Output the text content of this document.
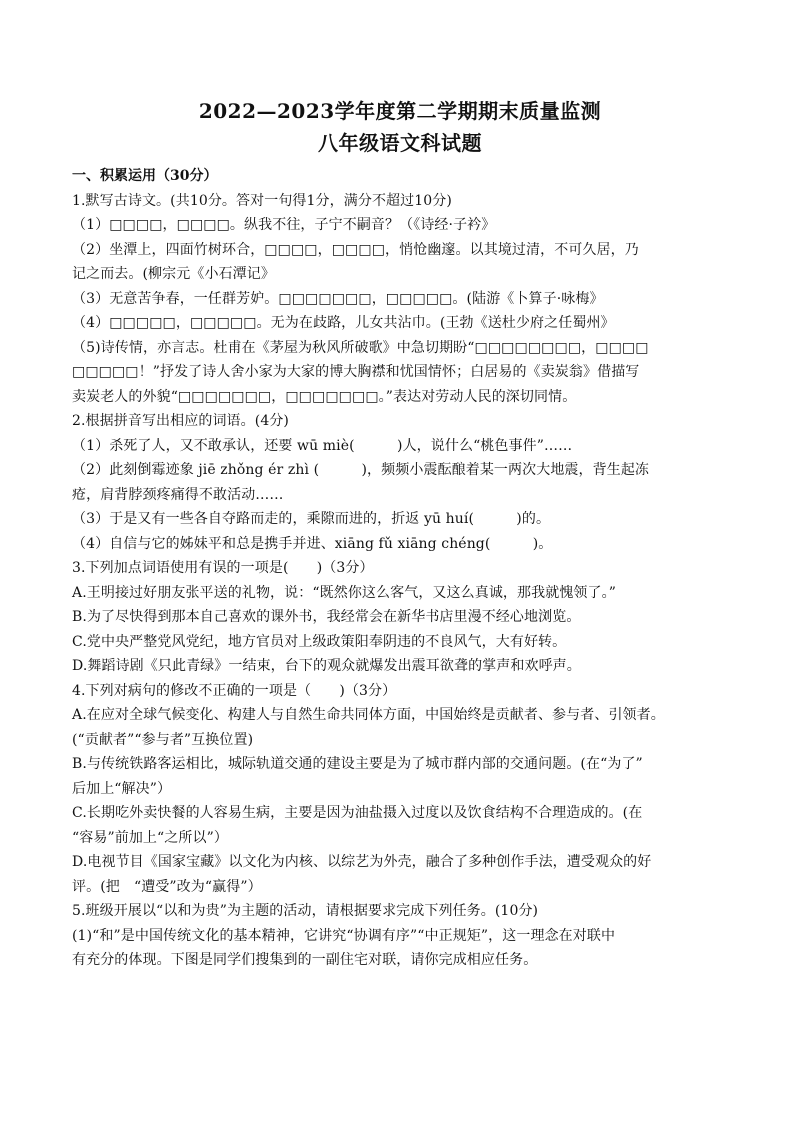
2022—2023学年度第二学期期末质量监测
八年级语文科试题
一、积累运用（30分）
1.默写古诗文。(共10分。答对一句得1分，满分不超过10分)
（1）□□□□，□□□□。纵我不往，子宁不嗣音？（《诗经·子衿》
（2）坐潭上，四面竹树环合，□□□□，□□□□，悄怆幽邃。以其境过清，不可久居，乃
记之而去。(柳宗元《小石潭记》
（3）无意苦争春，一任群芳妒。□□□□□□□，□□□□□。(陆游《卜算子·咏梅》
（4）□□□□□，□□□□□。无为在歧路，儿女共沾巾。(王勃《送杜少府之任蜀州》
（5)诗传情，亦言志。杜甫在《茅屋为秋风所破歌》中急切期盼“□□□□□□□□，□□□□
□□□□□！”抒发了诗人舍小家为大家的博大胸襟和忧国情怀；白居易的《卖炭翁》借描写
卖炭老人的外貌“□□□□□□□，□□□□□□□。”表达对劳动人民的深切同情。
2.根据拼音写出相应的词语。(4分)
（1）杀死了人，又不敢承认，还要 wū miè(　　　)人，说什么“桃色事件”……
（2）此刻倒霉迹象 jiē zhǒng ér zhì (　　　)，频频小震酝酿着某一两次大地震，背生起冻
疮，肩背脖颈疼痛得不敢活动……
（3）于是又有一些各自夺路而走的，乘隙而进的，折返 yū huí(　　　)的。
（4）自信与它的姊妹平和总是携手并进、xiāng fǔ xiāng chéng(　　　)。
3.下列加点词语使用有误的一项是(　　)（3分）
A.王明接过好朋友张平送的礼物，说：“既然你这么客气，又这么真诚，那我就愧领了。”
B.为了尽快得到那本自己喜欢的课外书，我经常会在新华书店里漫不经心地浏览。
C.党中央严整党风党纪，地方官员对上级政策阳奉阴违的不良风气，大有好转。
D.舞蹈诗剧《只此青绿》一结束，台下的观众就爆发出震耳欲聋的掌声和欢呼声。
4.下列对病句的修改不正确的一项是（　　)（3分）
A.在应对全球气候变化、构建人与自然生命共同体方面，中国始终是贡献者、参与者、引领者。
(“贡献者”“参与者”互换位置)
B.与传统铁路客运相比，城际轨道交通的建设主要是为了城市群内部的交通问题。(在“为了”
后加上“解决”）
C.长期吃外卖快餐的人容易生病，主要是因为油盐摄入过度以及饮食结构不合理造成的。(在
“容易”前加上“之所以”）
D.电视节目《国家宝藏》以文化为内核、以综艺为外壳，融合了多种创作手法，遭受观众的好
评。(把　“遭受”改为“赢得”）
5.班级开展以“以和为贵”为主题的活动，请根据要求完成下列任务。(10分)
(1)“和”是中国传统文化的基本精神，它讲究“协调有序”“中正规矩”，这一理念在对联中
有充分的体现。下图是同学们搜集到的一副住宅对联，请你完成相应任务。
